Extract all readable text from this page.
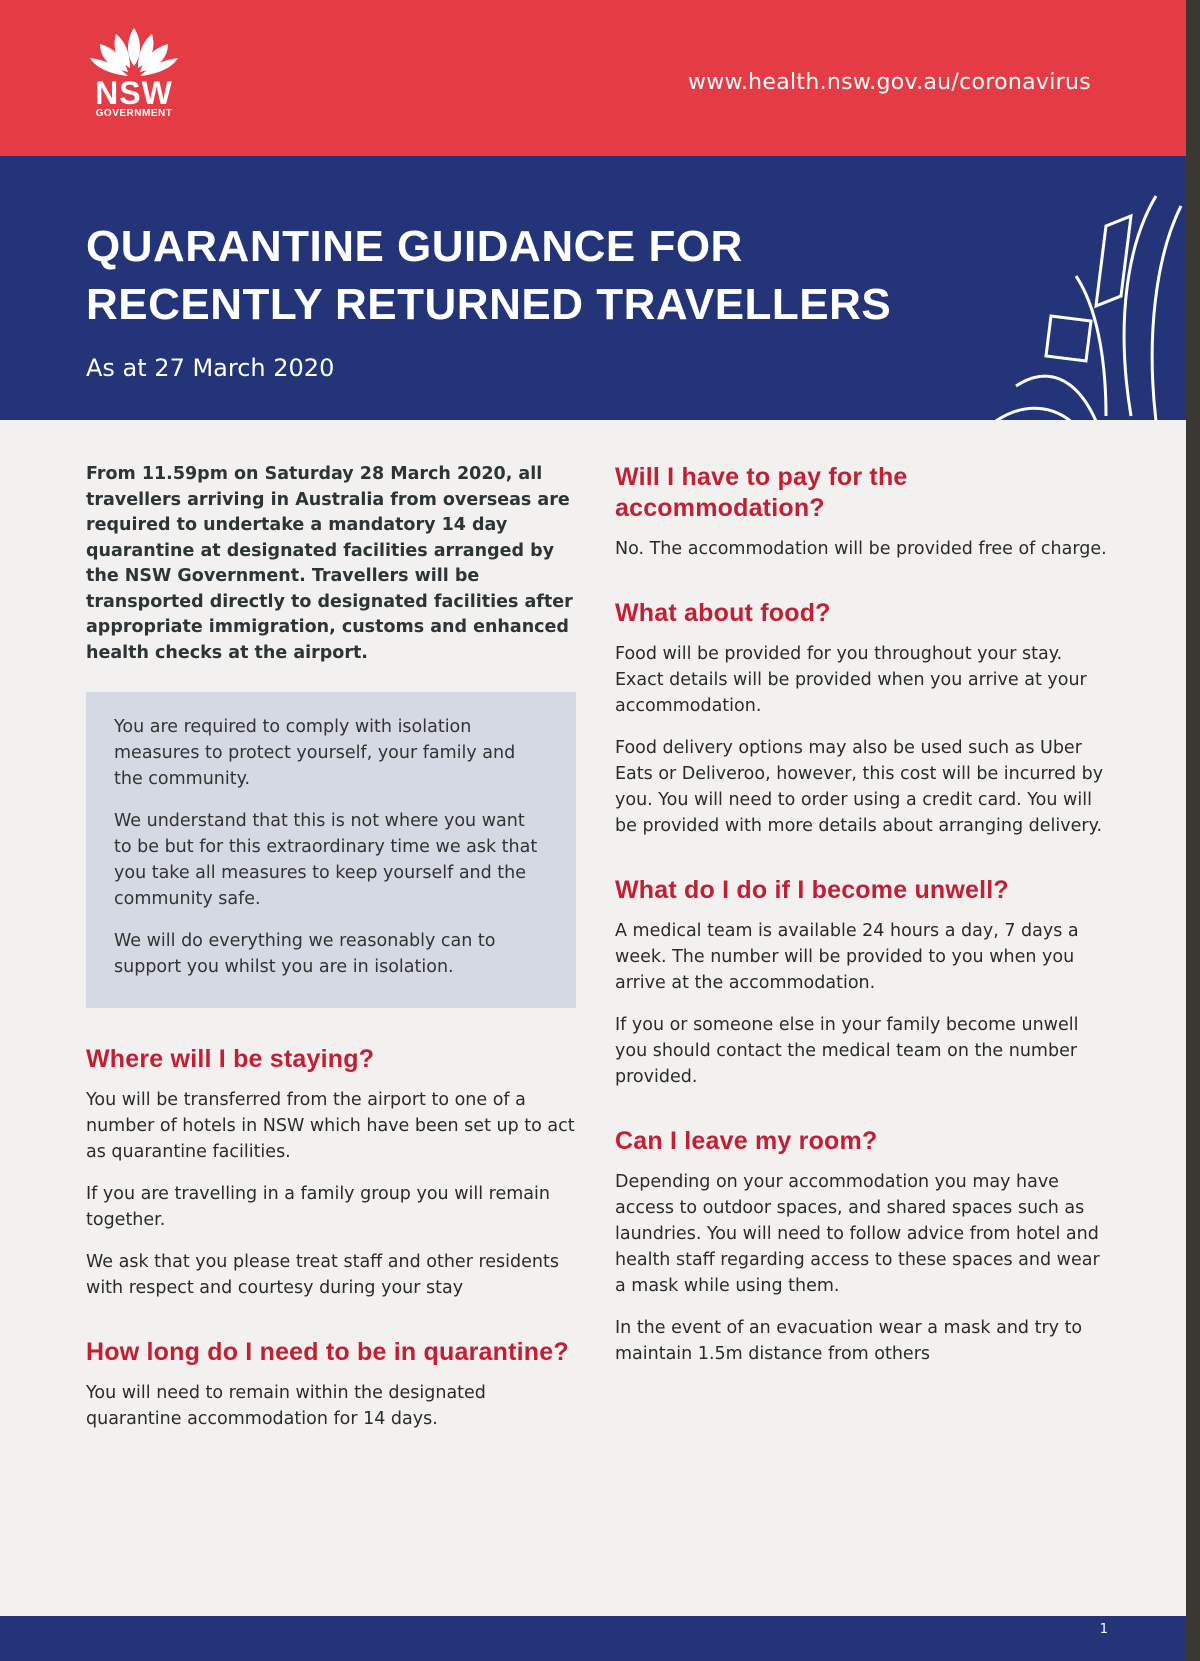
NSW
GOVERNMENT
www.health.nsw.gov.au/coronavirus
QUARANTINE GUIDANCE FOR
RECENTLY RETURNED TRAVELLERS
As at 27 March 2020

From 11.59pm on Saturday 28 March 2020, all travellers arriving in Australia from overseas are required to undertake a mandatory 14 day quarantine at designated facilities arranged by the NSW Government. Travellers will be transported directly to designated facilities after appropriate immigration, customs and enhanced health checks at the airport.

You are required to comply with isolation measures to protect yourself, your family and the community.

We understand that this is not where you want to be but for this extraordinary time we ask that you take all measures to keep yourself and the community safe.

We will do everything we reasonably can to support you whilst you are in isolation.

Where will I be staying?

You will be transferred from the airport to one of a number of hotels in NSW which have been set up to act as quarantine facilities.

If you are travelling in a family group you will remain together.

We ask that you please treat staff and other residents with respect and courtesy during your stay

How long do I need to be in quarantine?

You will need to remain within the designated quarantine accommodation for 14 days.

Will I have to pay for the accommodation?

No. The accommodation will be provided free of charge.

What about food?

Food will be provided for you throughout your stay. Exact details will be provided when you arrive at your accommodation.

Food delivery options may also be used such as Uber Eats or Deliveroo, however, this cost will be incurred by you. You will need to order using a credit card. You will be provided with more details about arranging delivery.

What do I do if I become unwell?

A medical team is available 24 hours a day, 7 days a week. The number will be provided to you when you arrive at the accommodation.

If you or someone else in your family become unwell you should contact the medical team on the number provided.

Can I leave my room?

Depending on your accommodation you may have access to outdoor spaces, and shared spaces such as laundries. You will need to follow advice from hotel and health staff regarding access to these spaces and wear a mask while using them.

In the event of an evacuation wear a mask and try to maintain 1.5m distance from others

1
